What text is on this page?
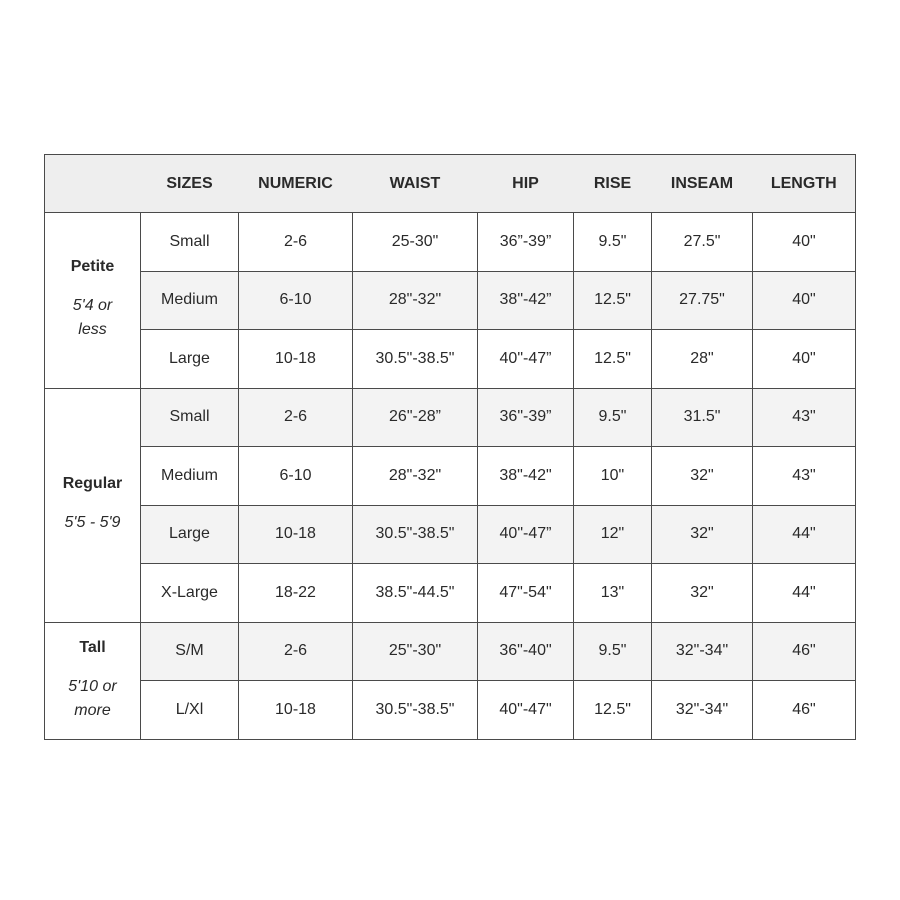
	SIZES	NUMERIC	WAIST	HIP	RISE	INSEAM	LENGTH

Petite
5'4 or less	Small	2-6	25-30"	36”-39”	9.5"	27.5"	40"
	Medium	6-10	28"-32"	38"-42”	12.5"	27.75"	40"
	Large	10-18	30.5"-38.5"	40"-47”	12.5"	28"	40"

Regular
5'5 - 5'9	Small	2-6	26"-28”	36"-39”	9.5"	31.5"	43"
	Medium	6-10	28"-32"	38"-42"	10"	32"	43"
	Large	10-18	30.5"-38.5"	40"-47”	12"	32"	44"
	X-Large	18-22	38.5"-44.5"	47"-54"	13"	32"	44"

Tall
5'10 or more	S/M	2-6	25"-30"	36"-40"	9.5"	32"-34"	46"
	L/Xl	10-18	30.5"-38.5"	40"-47"	12.5"	32"-34"	46"
